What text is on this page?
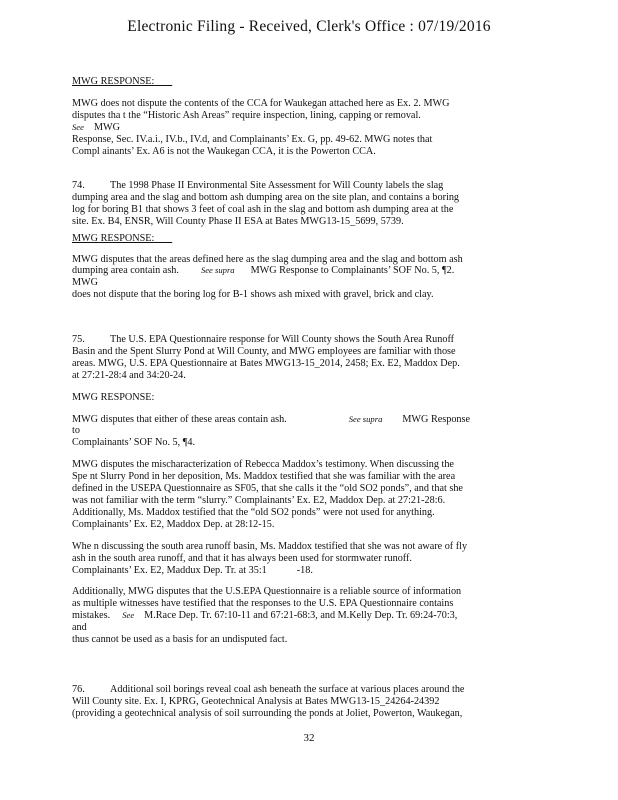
Electronic Filing - Received, Clerk's Office : 07/19/2016

MWG RESPONSE:

MWG does not dispute the contents of the CCA for Waukegan attached here as Ex. 2. MWG
disputes tha t the “Historic Ash Areas” require inspection, lining, capping or removal.See MWG
Response, Sec. IV.a.i., IV.b., IV.d, and Complainants’ Ex. G, pp. 49-62. MWG notes that
Compl ainants’ Ex. A6 is not the Waukegan CCA, it is the Powerton CCA.

74. The 1998 Phase II Environmental Site Assessment for Will County labels the slag
dumping area and the slag and bottom ash dumping area on the site plan, and contains a boring
log for boring B1 that shows 3 feet of coal ash in the slag and bottom ash dumping area at the
site. Ex. B4, ENSR, Will County Phase II ESA at Bates MWG13-15_5699, 5739.

MWG RESPONSE:

MWG disputes that the areas defined here as the slag dumping area and the slag and bottom ash
dumping area contain ash.	See supra MWG Response to Complainants’ SOF No. 5, ¶2. MWG
does not dispute that the boring log for B-1 shows ash mixed with gravel, brick and clay.

75. The U.S. EPA Questionnaire response for Will County shows the South Area Runoff
Basin and the Spent Slurry Pond at Will County, and MWG employees are familiar with those
areas. MWG, U.S. EPA Questionnaire at Bates MWG13-15_2014, 2458; Ex. E2, Maddox Dep.
at 27:21-28:4 and 34:20-24.

MWG RESPONSE:

MWG disputes that either of these areas contain ash.	See supra MWG Response to
Complainants’ SOF No. 5, ¶4.

MWG disputes the mischaracterization of Rebecca Maddox’s testimony. When discussing the
Spe nt Slurry Pond in her deposition, Ms. Maddox testified that she was familiar with the area
defined in the USEPA Questionnaire as SF05, that she calls it the “old SO2 ponds”, and that she
was not familiar with the term “slurry.” Complainants’ Ex. E2, Maddox Dep. at 27:21-28:6.
Additionally, Ms. Maddox testified that the “old SO2 ponds” were not used for anything.
Complainants’ Ex. E2, Maddox Dep. at 28:12-15.

Whe n discussing the south area runoff basin, Ms. Maddox testified that she was not aware of fly
ash in the south area runoff, and that it has always been used for stormwater runoff.
Complainants’ Ex. E2, Maddux Dep. Tr. at 35:1	-18.

Additionally, MWG disputes that the U.S.EPA Questionnaire is a reliable source of information
as multiple witnesses have testified that the responses to the U.S. EPA Questionnaire contains
mistakes. See M.Race Dep. Tr. 67:10-11 and 67:21-68:3, and M.Kelly Dep. Tr. 69:24-70:3, and
thus cannot be used as a basis for an undisputed fact.

76. Additional soil borings reveal coal ash beneath the surface at various places around the
Will County site. Ex. I, KPRG, Geotechnical Analysis at Bates MWG13-15_24264-24392
(providing a geotechnical analysis of soil surrounding the ponds at Joliet, Powerton, Waukegan,

32
